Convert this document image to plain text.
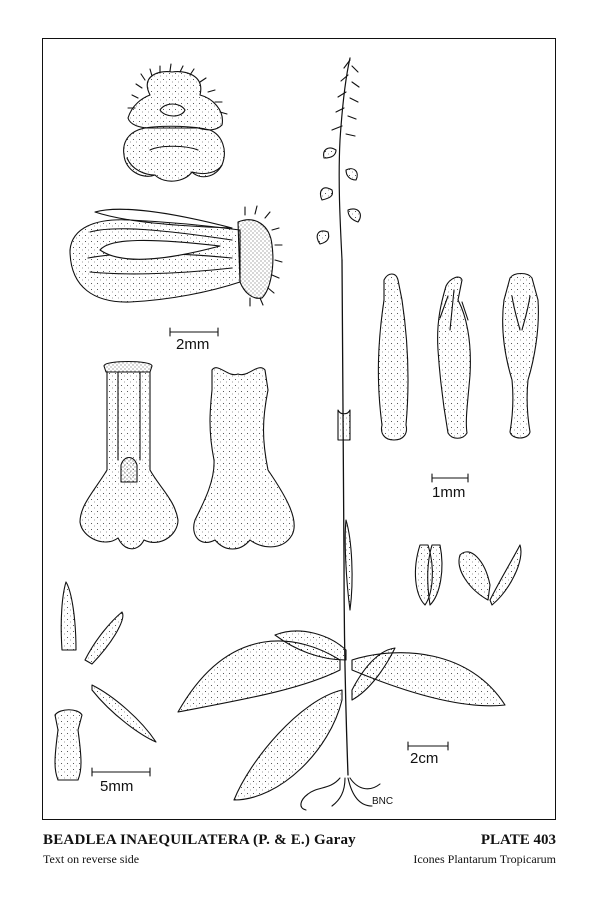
BNC
2mm
1mm
2cm
5mm
BEADLEA INAEQUILATERA (P. & E.) Garay
Text on reverse side
PLATE 403
Icones Plantarum Tropicarum
